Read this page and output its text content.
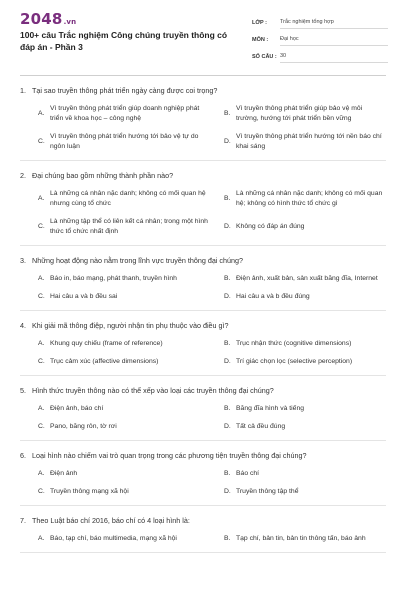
2048.vn
100+ câu Trắc nghiệm Công chúng truyền thông có đáp án - Phần 3
LỚP :	Trắc nghiệm tổng hợp
MÔN :	Đại học
SỐ CÂU : 30
1. Tại sao truyền thông phát triển ngày càng được coi trọng?
A.
Vì truyền thông phát triển giúp doanh nghiệp phát triển về khoa học – công nghệ
B.
Vì truyền thông phát triển giúp bảo vệ môi trường, hướng tới phát triển bền vững
C.
Vì truyền thông phát triển hướng tới bảo vệ tự do ngôn luận
D.
Vì truyền thông phát triển hướng tới nền báo chí khai sáng
2. Đại chúng bao gồm những thành phần nào?
A.
Là những cá nhân nặc danh; không có mối quan hệ nhưng cùng tổ chức
B.
Là những cá nhân nặc danh; không có mối quan hệ; không có hình thức tổ chức gì
C.
Là những tập thể có liên kết cá nhân; trong một hình thức tổ chức nhất định
D. Không có đáp án đúng
3. Những hoạt động nào nằm trong lĩnh vực truyền thông đại chúng?
A. Báo in, báo mạng, phát thanh, truyền hình	B. Điện ảnh, xuất bản, sản xuất băng đĩa, Internet
C. Hai câu a và b đều sai	D. Hai câu a và b đều đúng
4. Khi giải mã thông điệp, người nhận tin phụ thuộc vào điều gì?
A. Khung quy chiếu (frame of reference)	B. Trục nhận thức (cognitive dimensions)
C. Trục cảm xúc (affective dimensions)	D. Trí giác chọn lọc (selective perception)
5. Hình thức truyền thông nào có thể xếp vào loại các truyền thông đại chúng?
A. Điện ảnh, báo chí	B. Băng đĩa hình và tiếng
C. Pano, băng rôn, tờ rơi	D. Tất cả đều đúng
6. Loại hình nào chiếm vai trò quan trọng trong các phương tiện truyền thông đại chúng?
A. Điện ảnh	B. Báo chí
C. Truyền thông mạng xã hội	D. Truyền thông tập thể
7. Theo Luật báo chí 2016, báo chí có 4 loại hình là:
A. Báo, tạp chí, báo multimedia, mạng xã hội	B. Tạp chí, bản tin, bản tin thông tấn, báo ảnh
